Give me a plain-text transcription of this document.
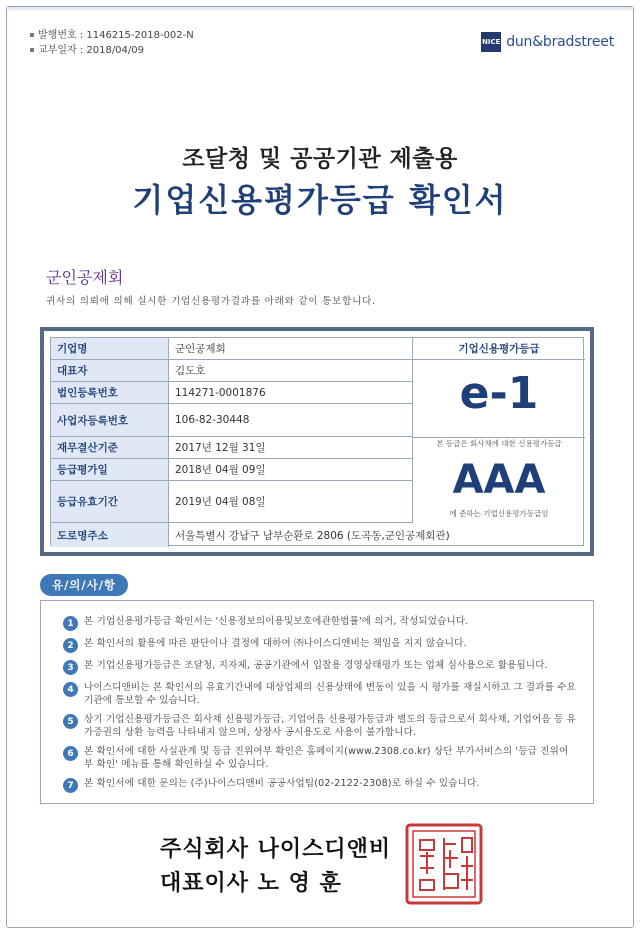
발행번호 : 1146215-2018-002-N
교부일자 : 2018/04/09
NICE dun&bradstreet
조달청 및 공공기관 제출용
기업신용평가등급 확인서
군인공제회
귀사의 의뢰에 의해 실시한 기업신용평가결과를 아래와 같이 통보합니다.
기업명	군인공제회
대표자	김도호
법인등록번호	114271-0001876
사업자등록번호	106-82-30448
재무결산기준	2017년 12월 31일
등급평가일	2018년 04월 09일
등급유효기간	2019년 04월 08일
도로명주소	서울특별시 강남구 남부순환로 2806 (도곡동,군인공제회관)
기업신용평가등급
e-1
본 등급은 회사채에 대한 신용평가등급
AAA
에 준하는 기업신용평가등급임
유/의/사/항
1	본 기업신용평가등급 확인서는 '신용정보의이용및보호에관한법률'에 의거, 작성되었습니다.
2	본 확인서의 활용에 따른 판단이나 결정에 대하여 ㈜나이스디앤비는 책임을 지지 않습니다.
3	본 기업신용평가등급은 조달청, 지자체, 공공기관에서 입찰용 경영상태평가 또는 업체 심사용으로 활용됩니다.
4	나이스디앤비는 본 확인서의 유효기간내에 대상업체의 신용상태에 변동이 있을 시 평가를 재실시하고 그 결과를 수요 기관에 통보할 수 있습니다.
5	상기 기업신용평가등급은 회사채 신용평가등급, 기업어음 신용평가등급과 별도의 등급으로서 회사채, 기업어음 등 유가증권의 상환 능력을 나타내지 않으며, 상장사 공시용도로 사용이 불가합니다.
6	본 확인서에 대한 사실관계 및 등급 진위여부 확인은 홈페이지(www.2308.co.kr) 상단 부가서비스의 '등급 진위여부 확인' 메뉴를 통해 확인하실 수 있습니다.
7	본 확인서에 대한 문의는 (주)나이스디앤비 공공사업팀(02-2122-2308)로 하실 수 있습니다.
주식회사 나이스디앤비
대표이사 노 영 훈
